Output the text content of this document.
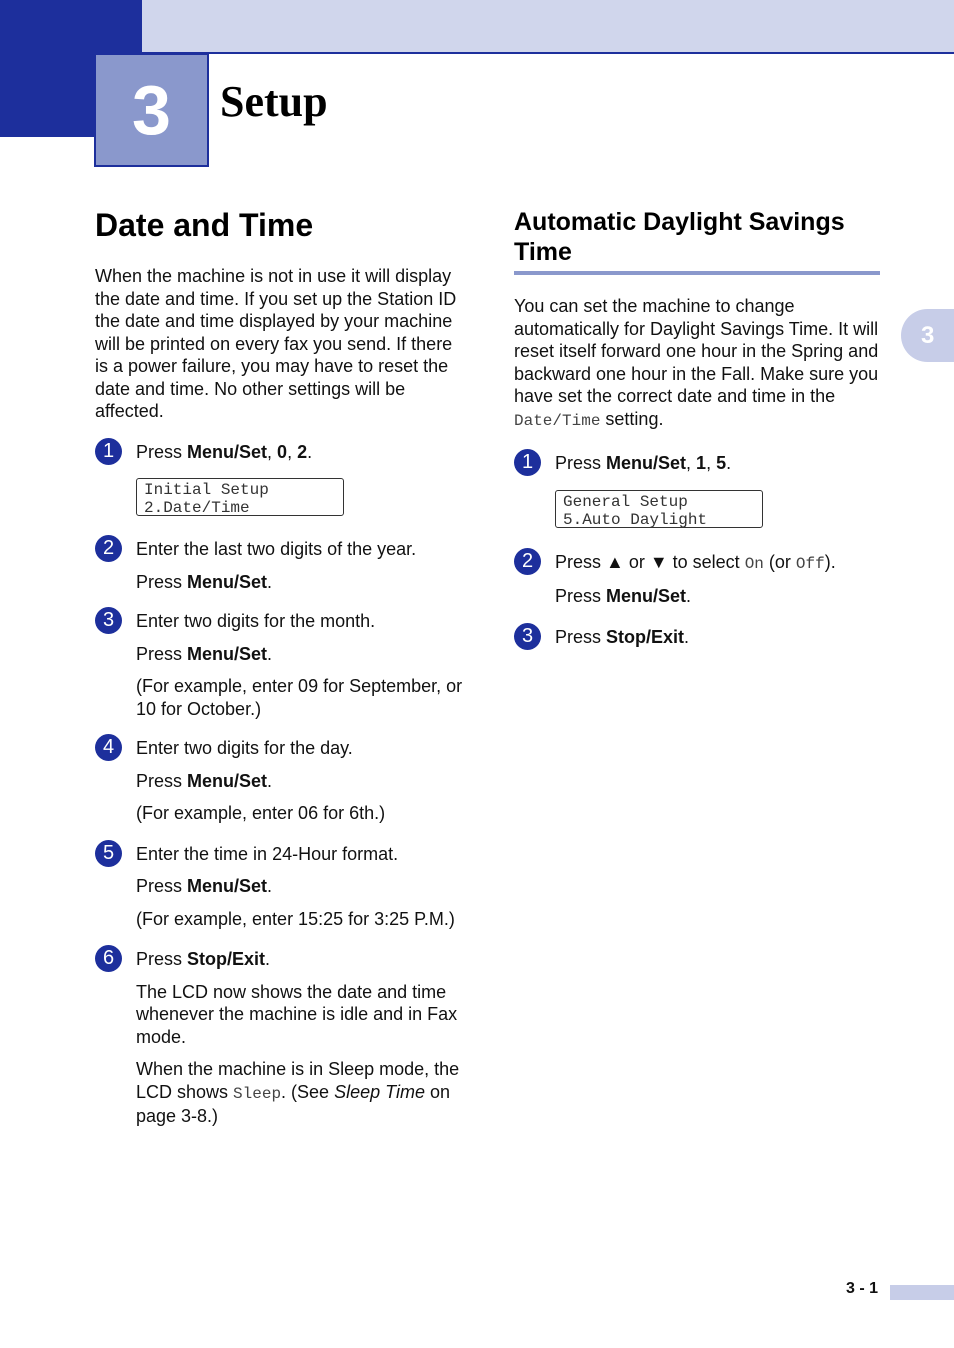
3 Setup
3
Date and Time

When the machine is not in use it will display the date and time. If you set up the Station ID the date and time displayed by your machine will be printed on every fax you send. If there is a power failure, you may have to reset the date and time. No other settings will be affected.

1	Press Menu/Set, 0, 2.

Initial Setup
2.Date/Time
2	Enter the last two digits of the year.

Press Menu/Set.

3	Enter two digits for the month.

Press Menu/Set.

(For example, enter 09 for September, or 10 for October.)

4	Enter two digits for the day.

Press Menu/Set.

(For example, enter 06 for 6th.)

5	Enter the time in 24-Hour format.

Press Menu/Set.

(For example, enter 15:25 for 3:25 P.M.)

6	Press Stop/Exit.

The LCD now shows the date and time whenever the machine is idle and in Fax mode.

When the machine is in Sleep mode, the LCD shows Sleep. (See Sleep Time on page 3-8.)

Automatic Daylight Savings Time

You can set the machine to change automatically for Daylight Savings Time. It will reset itself forward one hour in the Spring and backward one hour in the Fall. Make sure you have set the correct date and time in the Date/Time setting.

1	Press Menu/Set, 1, 5.

General Setup
5.Auto Daylight
2	Press ▲ or ▼ to select On (or Off).

Press Menu/Set.

3	Press Stop/Exit.

3 - 1
